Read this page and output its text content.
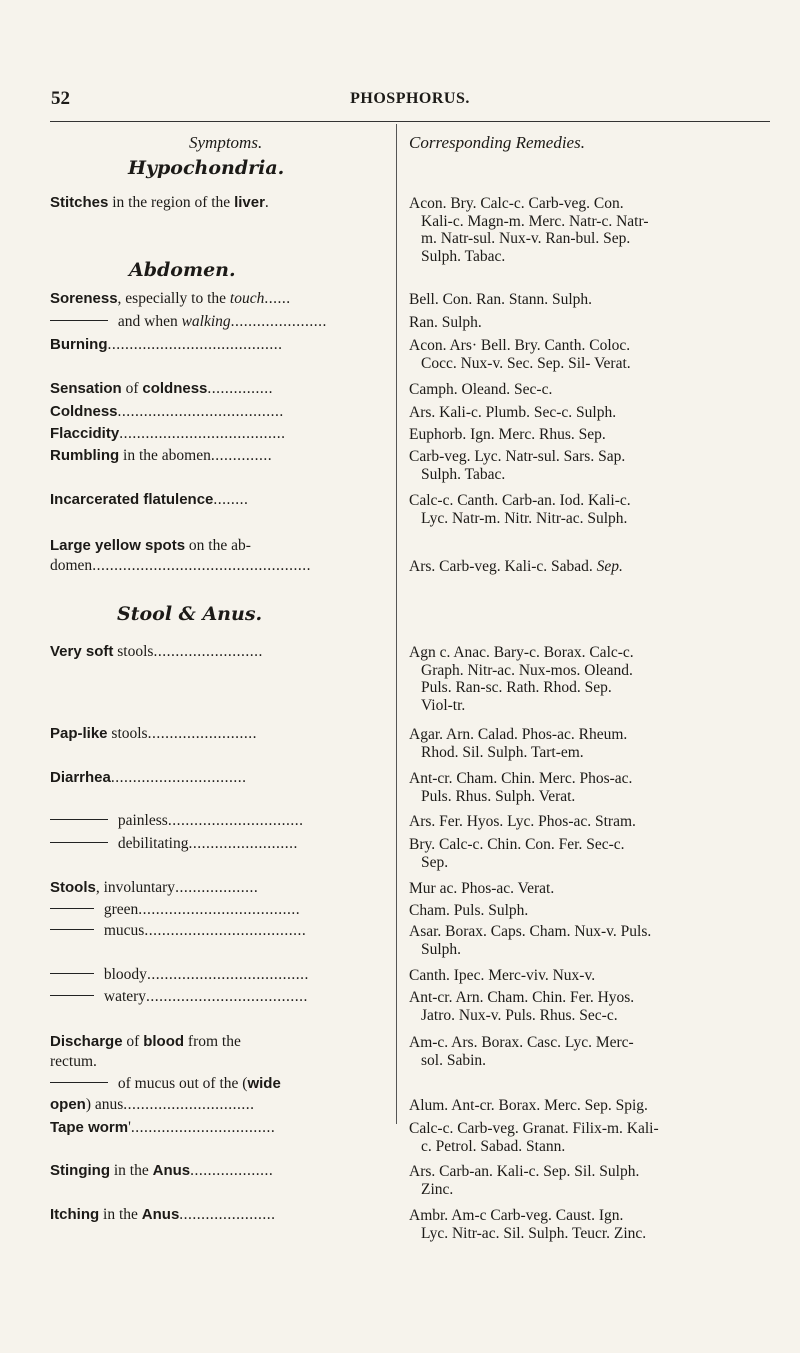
52	PHOSPHORUS.
Symptoms.	Corresponding Remedies.
Hypochondria.
Abdomen.
Stool & Anus.
Stitches in the region of the liver.
Soreness, especially to the touch......
and when walking......................
Burning........................................
Sensation of coldness...............
Coldness......................................
Flaccidity......................................
Rumbling in the abomen..............
Incarcerated flatulence........
Large yellow spots on the ab-
domen..................................................
Very soft stools.........................
Pap-like stools.........................
Diarrhea...............................
painless...............................
debilitating.........................
Stools, involuntary...................
green.....................................
mucus.....................................
bloody.....................................
watery.....................................
Discharge of blood from the
rectum.
of mucus out of the (wide
open) anus..............................
Tape worm'.................................
Stinging in the Anus...................
Itching in the Anus......................
Acon. Bry. Calc-c. Carb-veg. Con.
Kali-c. Magn-m. Merc. Natr-c. Natr-
m. Natr-sul. Nux-v. Ran-bul. Sep.
Sulph. Tabac.
Bell. Con. Ran. Stann. Sulph.
Ran. Sulph.
Acon. Ars· Bell. Bry. Canth. Coloc.
Cocc. Nux-v. Sec. Sep. Sil- Verat.
Camph. Oleand. Sec-c.
Ars. Kali-c. Plumb. Sec-c. Sulph.
Euphorb. Ign. Merc. Rhus. Sep.
Carb-veg. Lyc. Natr-sul. Sars. Sap.
Sulph. Tabac.
Calc-c. Canth. Carb-an. Iod. Kali-c.
Lyc. Natr-m. Nitr. Nitr-ac. Sulph.
Ars. Carb-veg. Kali-c. Sabad. Sep.
Agn c. Anac. Bary-c. Borax. Calc-c.
Graph. Nitr-ac. Nux-mos. Oleand.
Puls. Ran-sc. Rath. Rhod. Sep.
Viol-tr.
Agar. Arn. Calad. Phos-ac. Rheum.
Rhod. Sil. Sulph. Tart-em.
Ant-cr. Cham. Chin. Merc. Phos-ac.
Puls. Rhus. Sulph. Verat.
Ars. Fer. Hyos. Lyc. Phos-ac. Stram.
Bry. Calc-c. Chin. Con. Fer. Sec-c.
Sep.
Mur ac. Phos-ac. Verat.
Cham. Puls. Sulph.
Asar. Borax. Caps. Cham. Nux-v. Puls.
Sulph.
Canth. Ipec. Merc-viv. Nux-v.
Ant-cr. Arn. Cham. Chin. Fer. Hyos.
Jatro. Nux-v. Puls. Rhus. Sec-c.
Am-c. Ars. Borax. Casc. Lyc. Merc-
sol. Sabin.
Alum. Ant-cr. Borax. Merc. Sep. Spig.
Calc-c. Carb-veg. Granat. Filix-m. Kali-
c. Petrol. Sabad. Stann.
Ars. Carb-an. Kali-c. Sep. Sil. Sulph.
Zinc.
Ambr. Am-c Carb-veg. Caust. Ign.
Lyc. Nitr-ac. Sil. Sulph. Teucr. Zinc.
